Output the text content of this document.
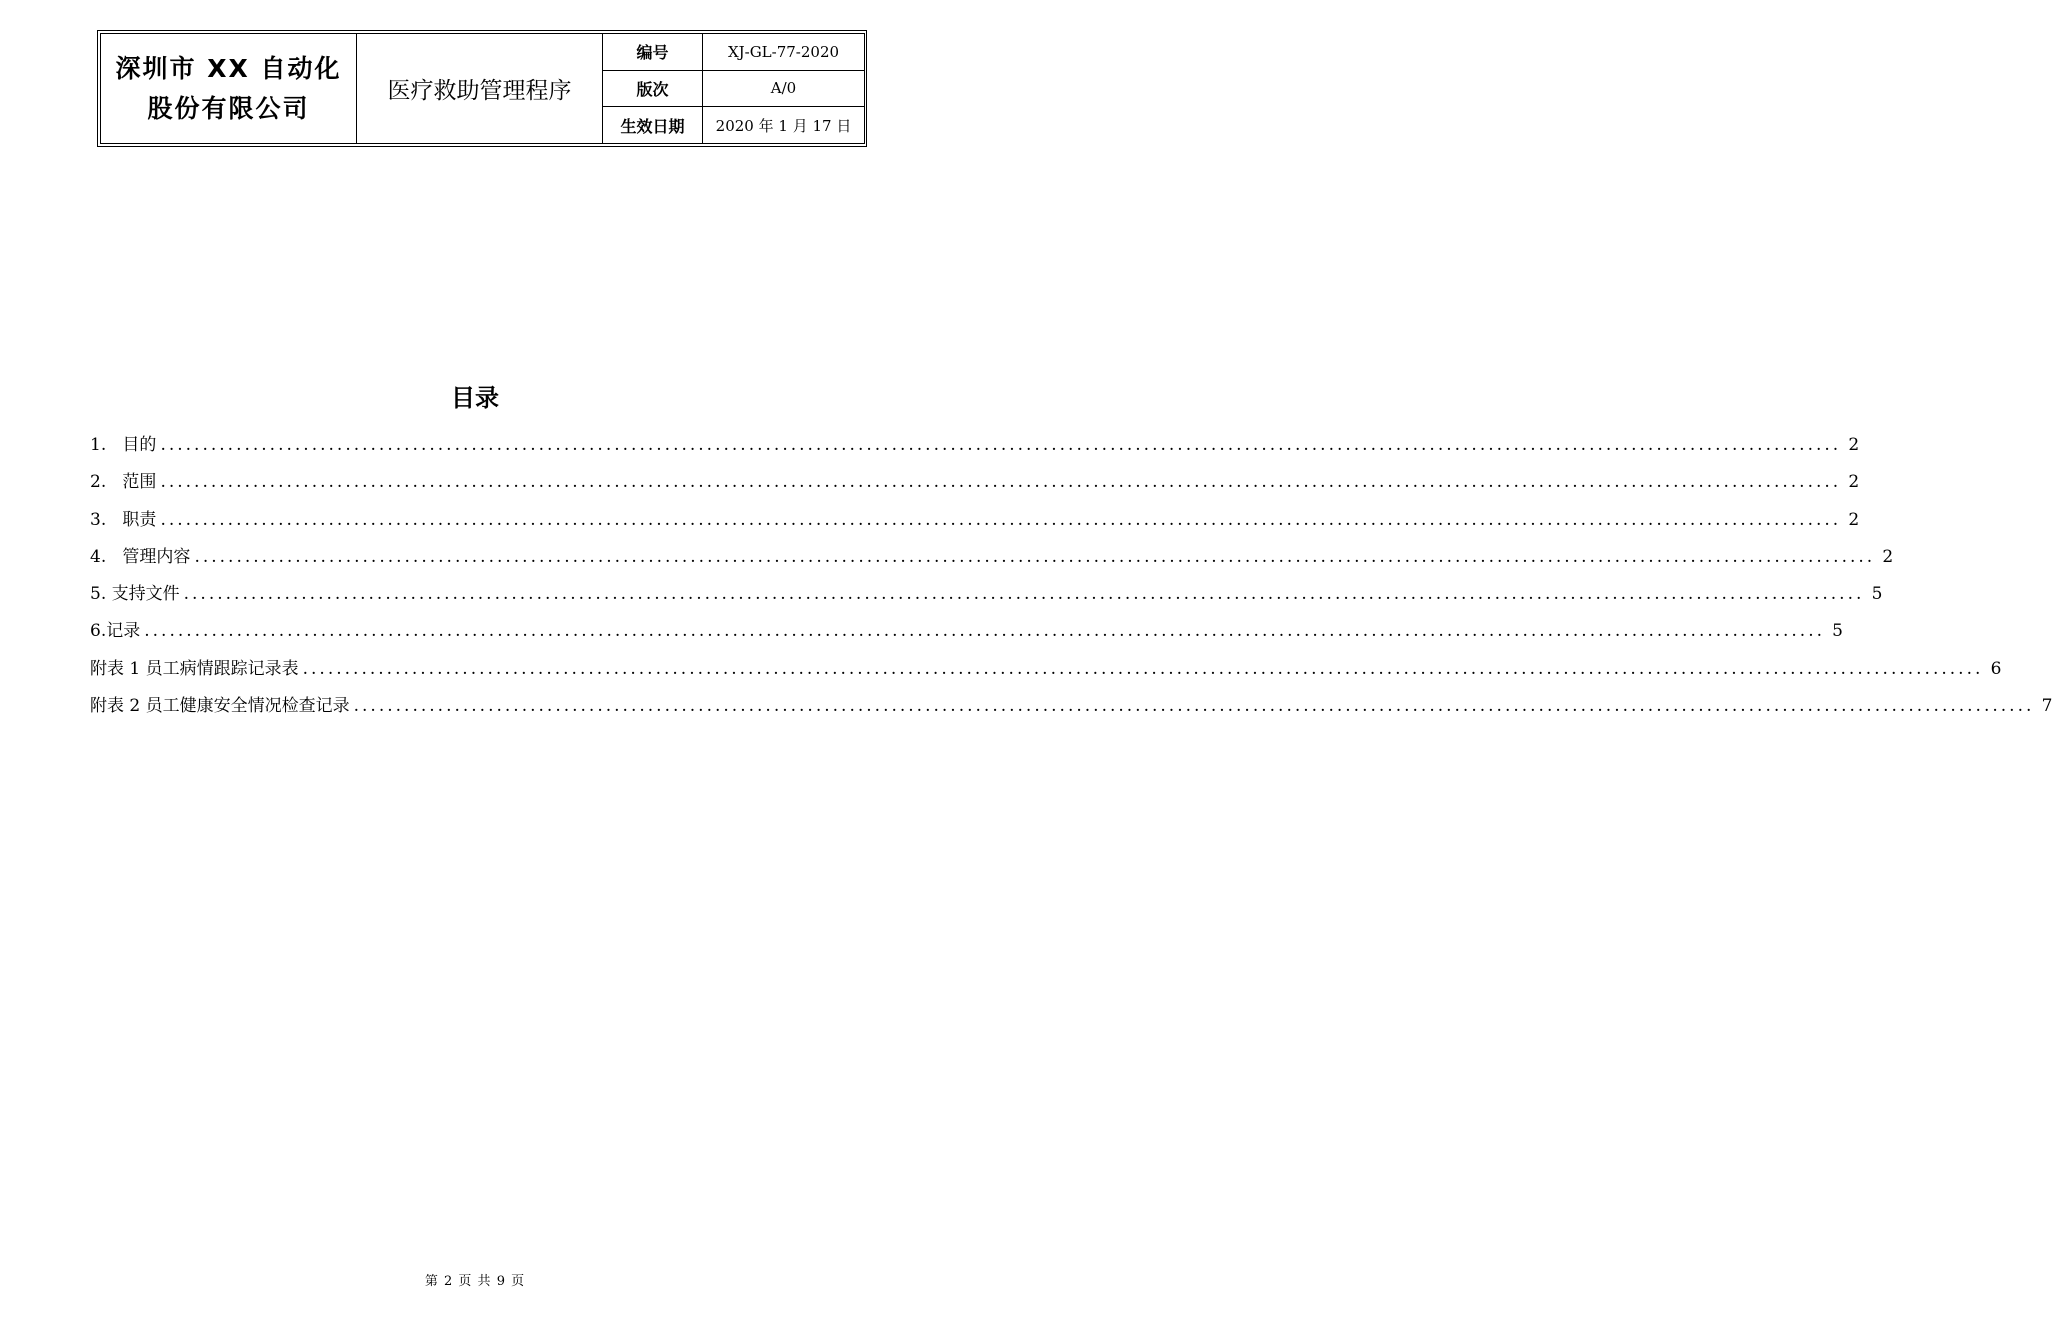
深圳市 XX 自动化
股份有限公司	医疗救助管理程序	编号	XJ-GL-77-2020
		版次	A/0
		生效日期	2020 年 1 月 17 日
目录
1.   目的 ........................................................................................................................................................................................................ 2
2.   范围 ........................................................................................................................................................................................................ 2
3.   职责 ........................................................................................................................................................................................................ 2
4.   管理内容 ........................................................................................................................................................................................................ 2
5. 支持文件 ........................................................................................................................................................................................................ 5
6.记录 ........................................................................................................................................................................................................ 5
附表 1 员工病情跟踪记录表 ........................................................................................................................................................................................................ 6
附表 2 员工健康安全情况检查记录 ........................................................................................................................................................................................................ 7
第 2 页 共 9 页
